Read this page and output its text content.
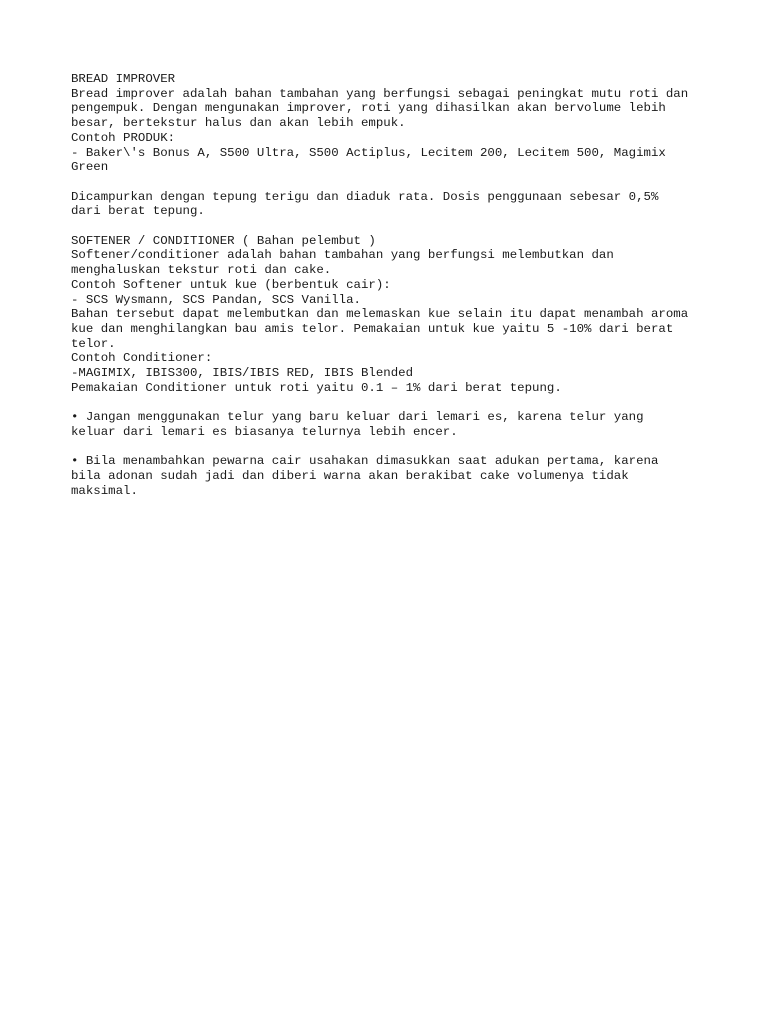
BREAD IMPROVER
Bread improver adalah bahan tambahan yang berfungsi sebagai peningkat mutu roti dan
pengempuk. Dengan mengunakan improver, roti yang dihasilkan akan bervolume lebih
besar, bertekstur halus dan akan lebih empuk.
Contoh PRODUK:
- Baker\'s Bonus A, S500 Ultra, S500 Actiplus, Lecitem 200, Lecitem 500, Magimix
Green
Dicampurkan dengan tepung terigu dan diaduk rata. Dosis penggunaan sebesar 0,5%
dari berat tepung.
SOFTENER / CONDITIONER ( Bahan pelembut )
Softener/conditioner adalah bahan tambahan yang berfungsi melembutkan dan
menghaluskan tekstur roti dan cake.
Contoh Softener untuk kue (berbentuk cair):
- SCS Wysmann, SCS Pandan, SCS Vanilla.
Bahan tersebut dapat melembutkan dan melemaskan kue selain itu dapat menambah aroma
kue dan menghilangkan bau amis telor. Pemakaian untuk kue yaitu 5 -10% dari berat
telor.
Contoh Conditioner:
-MAGIMIX, IBIS300, IBIS/IBIS RED, IBIS Blended
Pemakaian Conditioner untuk roti yaitu 0.1 – 1% dari berat tepung.
• Jangan menggunakan telur yang baru keluar dari lemari es, karena telur yang
keluar dari lemari es biasanya telurnya lebih encer.
• Bila menambahkan pewarna cair usahakan dimasukkan saat adukan pertama, karena
bila adonan sudah jadi dan diberi warna akan berakibat cake volumenya tidak
maksimal.
